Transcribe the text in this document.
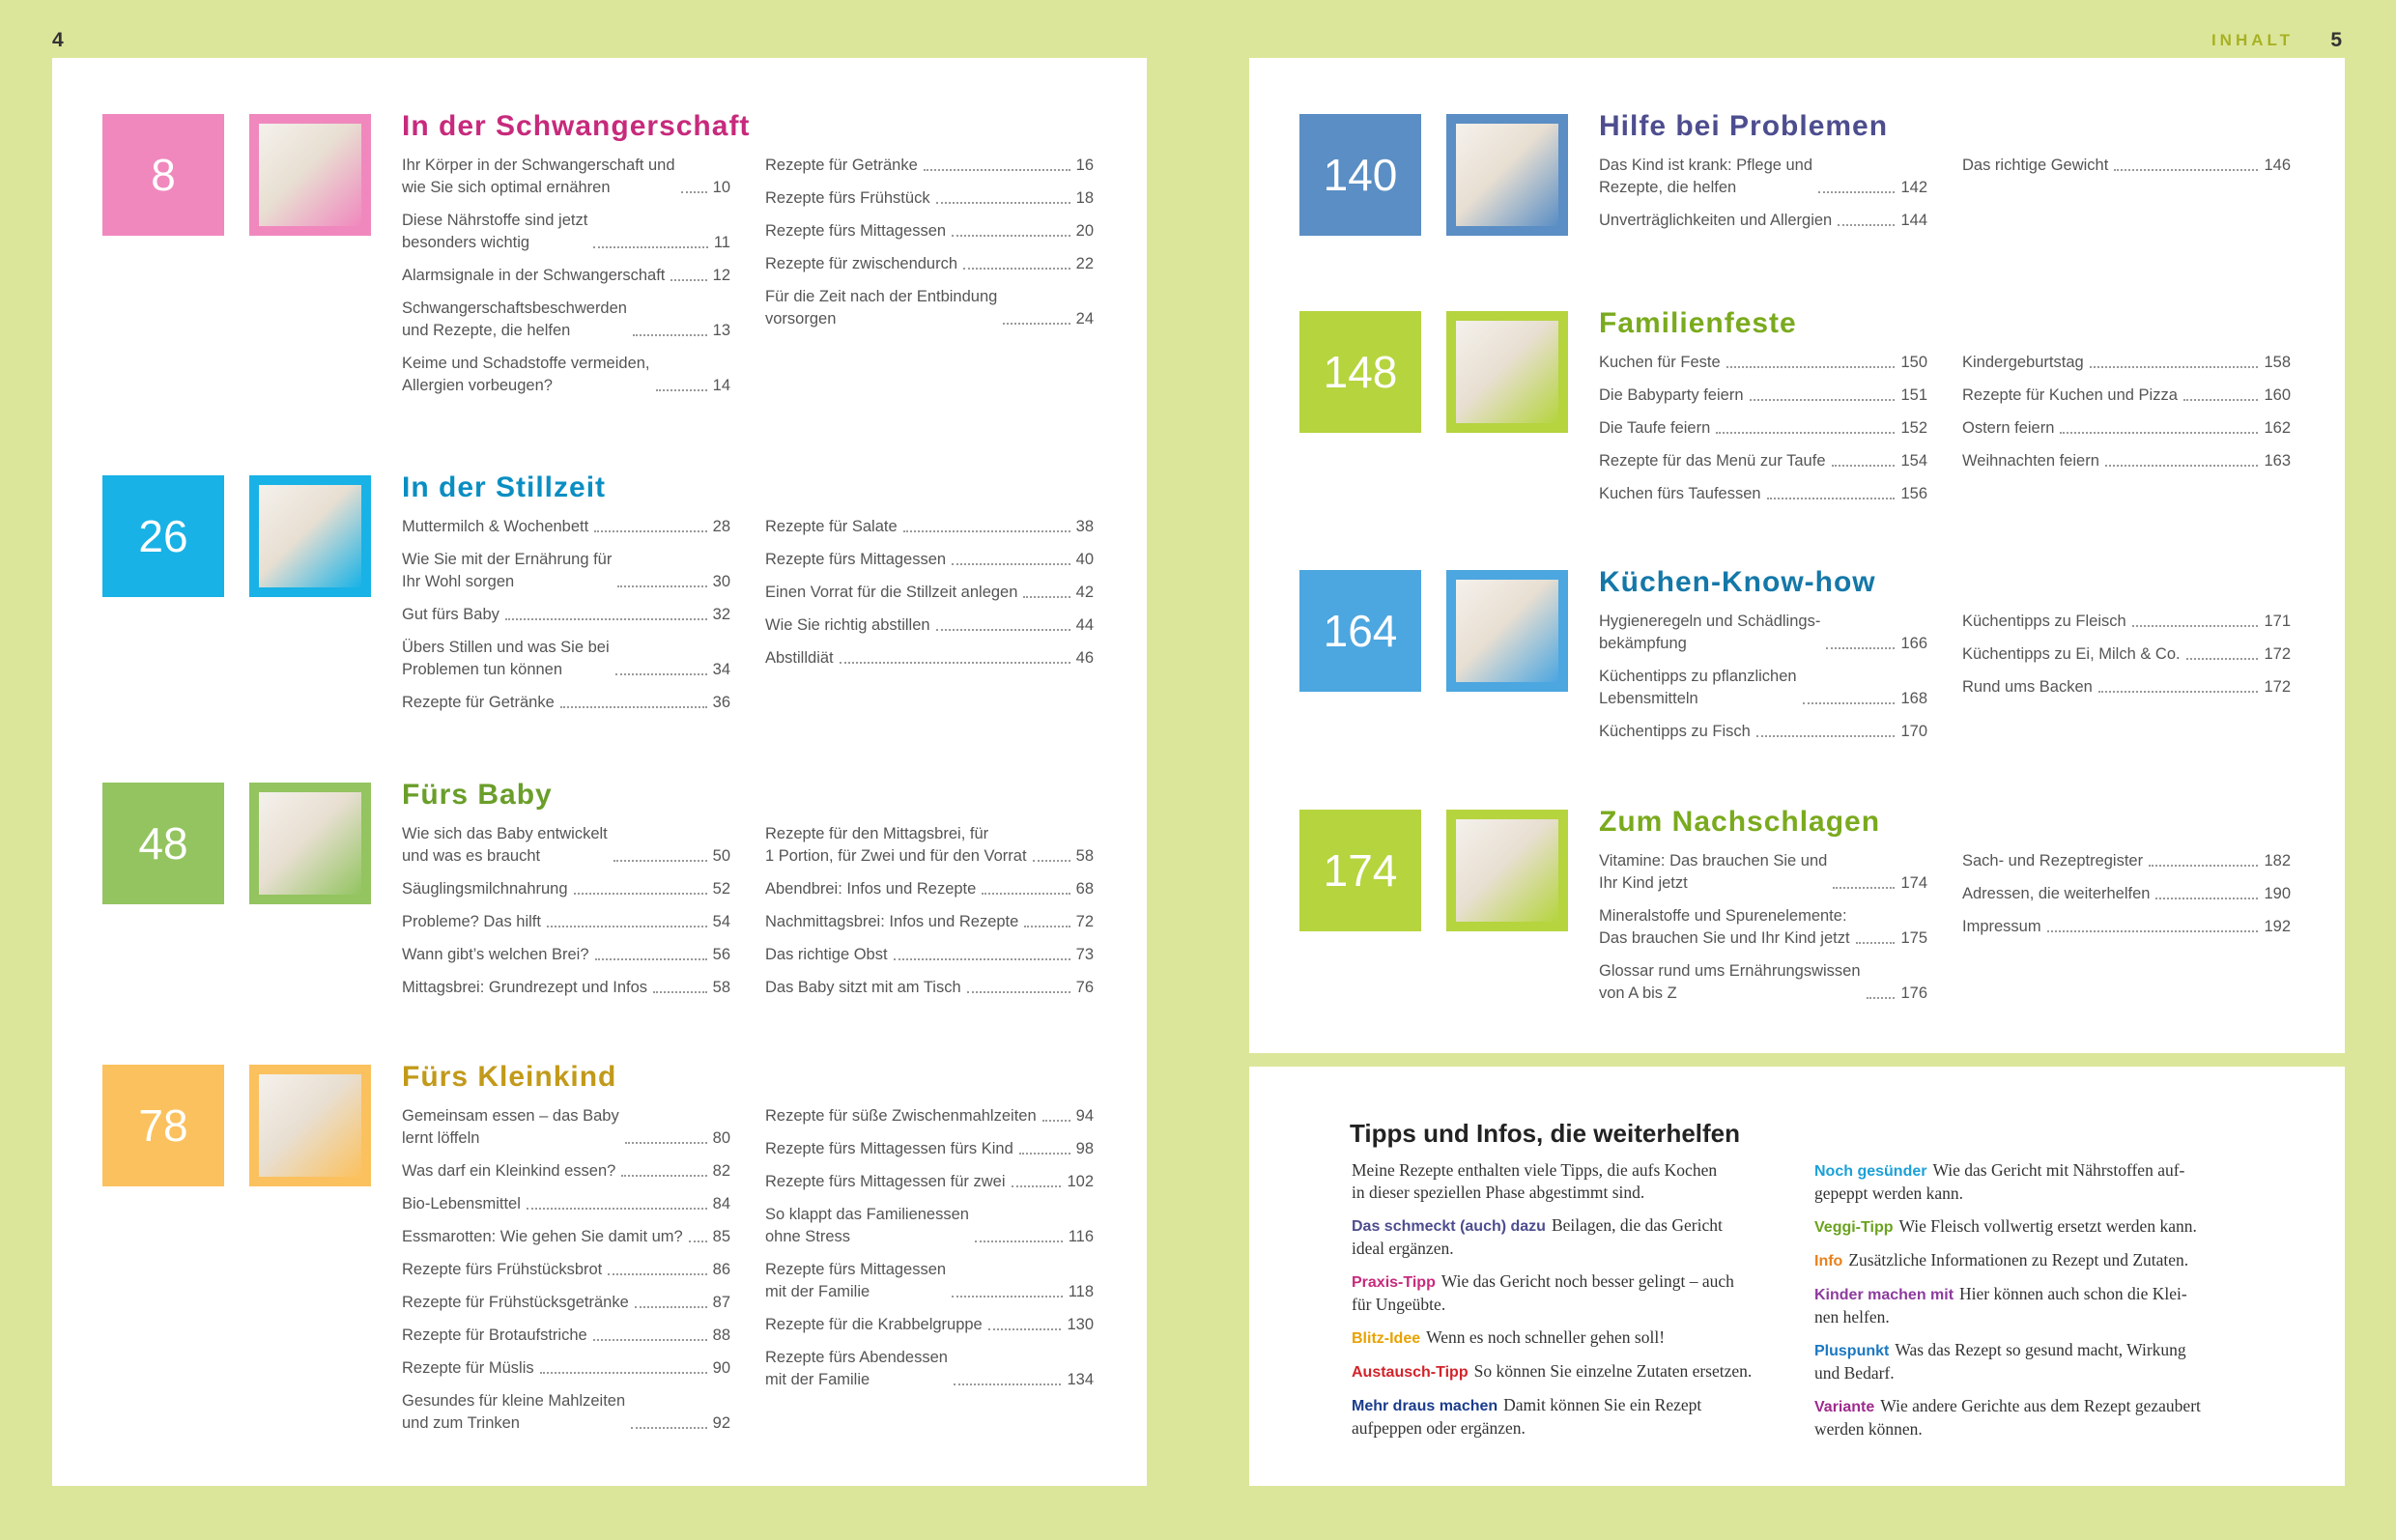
4	INHALT 5
8
In der Schwangerschaft
Ihr Körper in der Schwangerschaft und
wie Sie sich optimal ernähren	10
Diese Nährstoffe sind jetzt
besonders wichtig	11
Alarmsignale in der Schwangerschaft	12
Schwangerschaftsbeschwerden
und Rezepte, die helfen	13
Keime und Schadstoffe vermeiden,
Allergien vorbeugen?	14
Rezepte für Getränke	16
Rezepte fürs Frühstück	18
Rezepte fürs Mittagessen	20
Rezepte für zwischendurch	22
Für die Zeit nach der Entbindung
vorsorgen	24
26
In der Stillzeit
Muttermilch & Wochenbett	28
Wie Sie mit der Ernährung für
Ihr Wohl sorgen	30
Gut fürs Baby	32
Übers Stillen und was Sie bei
Problemen tun können	34
Rezepte für Getränke	36
Rezepte für Salate	38
Rezepte fürs Mittagessen	40
Einen Vorrat für die Stillzeit anlegen	42
Wie Sie richtig abstillen	44
Abstilldiät	46
48
Fürs Baby
Wie sich das Baby entwickelt
und was es braucht	50
Säuglingsmilchnahrung	52
Probleme? Das hilft	54
Wann gibt’s welchen Brei?	56
Mittagsbrei: Grundrezept und Infos	58
Rezepte für den Mittagsbrei, für
1 Portion, für Zwei und für den Vorrat	58
Abendbrei: Infos und Rezepte	68
Nachmittagsbrei: Infos und Rezepte	72
Das richtige Obst	73
Das Baby sitzt mit am Tisch	76
78
Fürs Kleinkind
Gemeinsam essen – das Baby
lernt löffeln	80
Was darf ein Kleinkind essen?	82
Bio-Lebensmittel	84
Essmarotten: Wie gehen Sie damit um? 85
Rezepte fürs Frühstücksbrot	86
Rezepte für Frühstücksgetränke	87
Rezepte für Brotaufstriche	88
Rezepte für Müslis	90
Gesundes für kleine Mahlzeiten
und zum Trinken	92
Rezepte für süße Zwischenmahlzeiten 94
Rezepte fürs Mittagessen fürs Kind	98
Rezepte fürs Mittagessen für zwei	102
So klappt das Familienessen
ohne Stress	116
Rezepte fürs Mittagessen
mit der Familie	118
Rezepte für die Krabbelgruppe	130
Rezepte fürs Abendessen
mit der Familie	134
140
Hilfe bei Problemen
Das Kind ist krank: Pflege und
Rezepte, die helfen	142
Unverträglichkeiten und Allergien	144
Das richtige Gewicht	146
148
Familienfeste
Kuchen für Feste	150
Die Babyparty feiern	151
Die Taufe feiern	152
Rezepte für das Menü zur Taufe	154
Kuchen fürs Taufessen	156
Kindergeburtstag	158
Rezepte für Kuchen und Pizza	160
Ostern feiern	162
Weihnachten feiern	163
164
Küchen-Know-how
Hygieneregeln und Schädlings-
bekämpfung	166
Küchentipps zu pflanzlichen
Lebensmitteln	168
Küchentipps zu Fisch	170
Küchentipps zu Fleisch	171
Küchentipps zu Ei, Milch & Co.	172
Rund ums Backen	172
174
Zum Nachschlagen
Vitamine: Das brauchen Sie und
Ihr Kind jetzt	174
Mineralstoffe und Spurenelemente:
Das brauchen Sie und Ihr Kind jetzt	175
Glossar rund ums Ernährungswissen
von A bis Z	176
Sach- und Rezeptregister	182
Adressen, die weiterhelfen	190
Impressum	192
Tipps und Infos, die weiterhelfen
Meine Rezepte enthalten viele Tipps, die aufs Kochen
in dieser speziellen Phase abgestimmt sind.
Das schmeckt (auch) dazu Beilagen, die das Gericht
ideal ergänzen.
Praxis-Tipp Wie das Gericht noch besser gelingt – auch
für Ungeübte.
Blitz-Idee Wenn es noch schneller gehen soll!
Austausch-Tipp So können Sie einzelne Zutaten ersetzen.
Mehr draus machen Damit können Sie ein Rezept
aufpeppen oder ergänzen.
Noch gesünder Wie das Gericht mit Nährstoffen auf-
gepeppt werden kann.
Veggi-Tipp Wie Fleisch vollwertig ersetzt werden kann.
Info Zusätzliche Informationen zu Rezept und Zutaten.
Kinder machen mit Hier können auch schon die Klei-
nen helfen.
Pluspunkt Was das Rezept so gesund macht, Wirkung
und Bedarf.
Variante Wie andere Gerichte aus dem Rezept gezaubert
werden können.
